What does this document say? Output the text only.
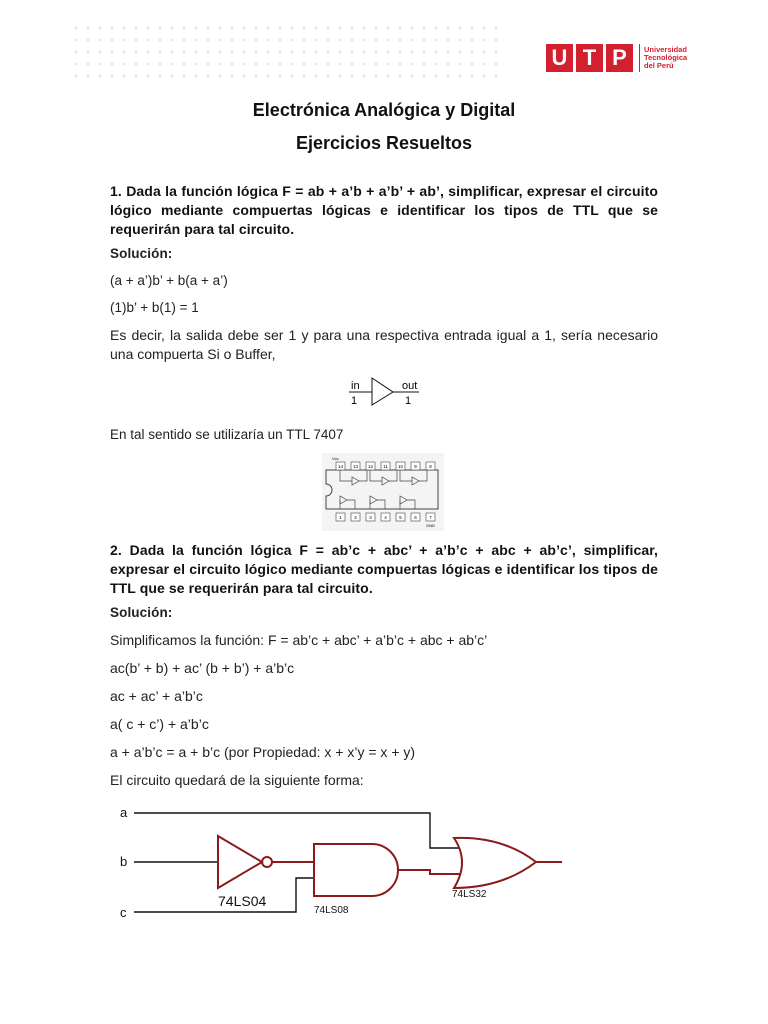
U T P	Universidad
Tecnológica
del Perú
Electrónica Analógica y Digital
Ejercicios Resueltos
1. Dada la función lógica F = ab + a’b + a’b’ + ab’, simplificar, expresar el circuito lógico mediante compuertas lógicas e identificar los tipos de TTL que se requerirán para tal circuito.
Solución:
(a + a’)b’ + b(a + a’)
(1)b’ + b(1) = 1
Es decir, la salida debe ser 1 y para una respectiva entrada igual a 1, sería necesario una compuerta Si o Buffer,
in	out
1	1
En tal sentido se utilizaría un TTL 7407
Vcc
GND
14 13 12 11 10 9	8
1	2	3	4	5	6	7
2. Dada la función lógica F = ab’c + abc’ + a’b’c + abc + ab’c’, simplificar, expresar el circuito lógico mediante compuertas lógicas e identificar los tipos de TTL que se requerirán para tal circuito.
Solución:
Simplificamos la función: F = ab’c + abc’ + a’b’c + abc + ab’c’
ac(b’ + b) + ac’ (b + b’) + a’b’c
ac + ac’ + a’b’c
a( c + c’) + a’b’c
a + a’b’c = a + b’c (por Propiedad: x + x’y = x + y)
El circuito quedará de la siguiente forma:
a
b
c
74LS04
74LS08
74LS32
